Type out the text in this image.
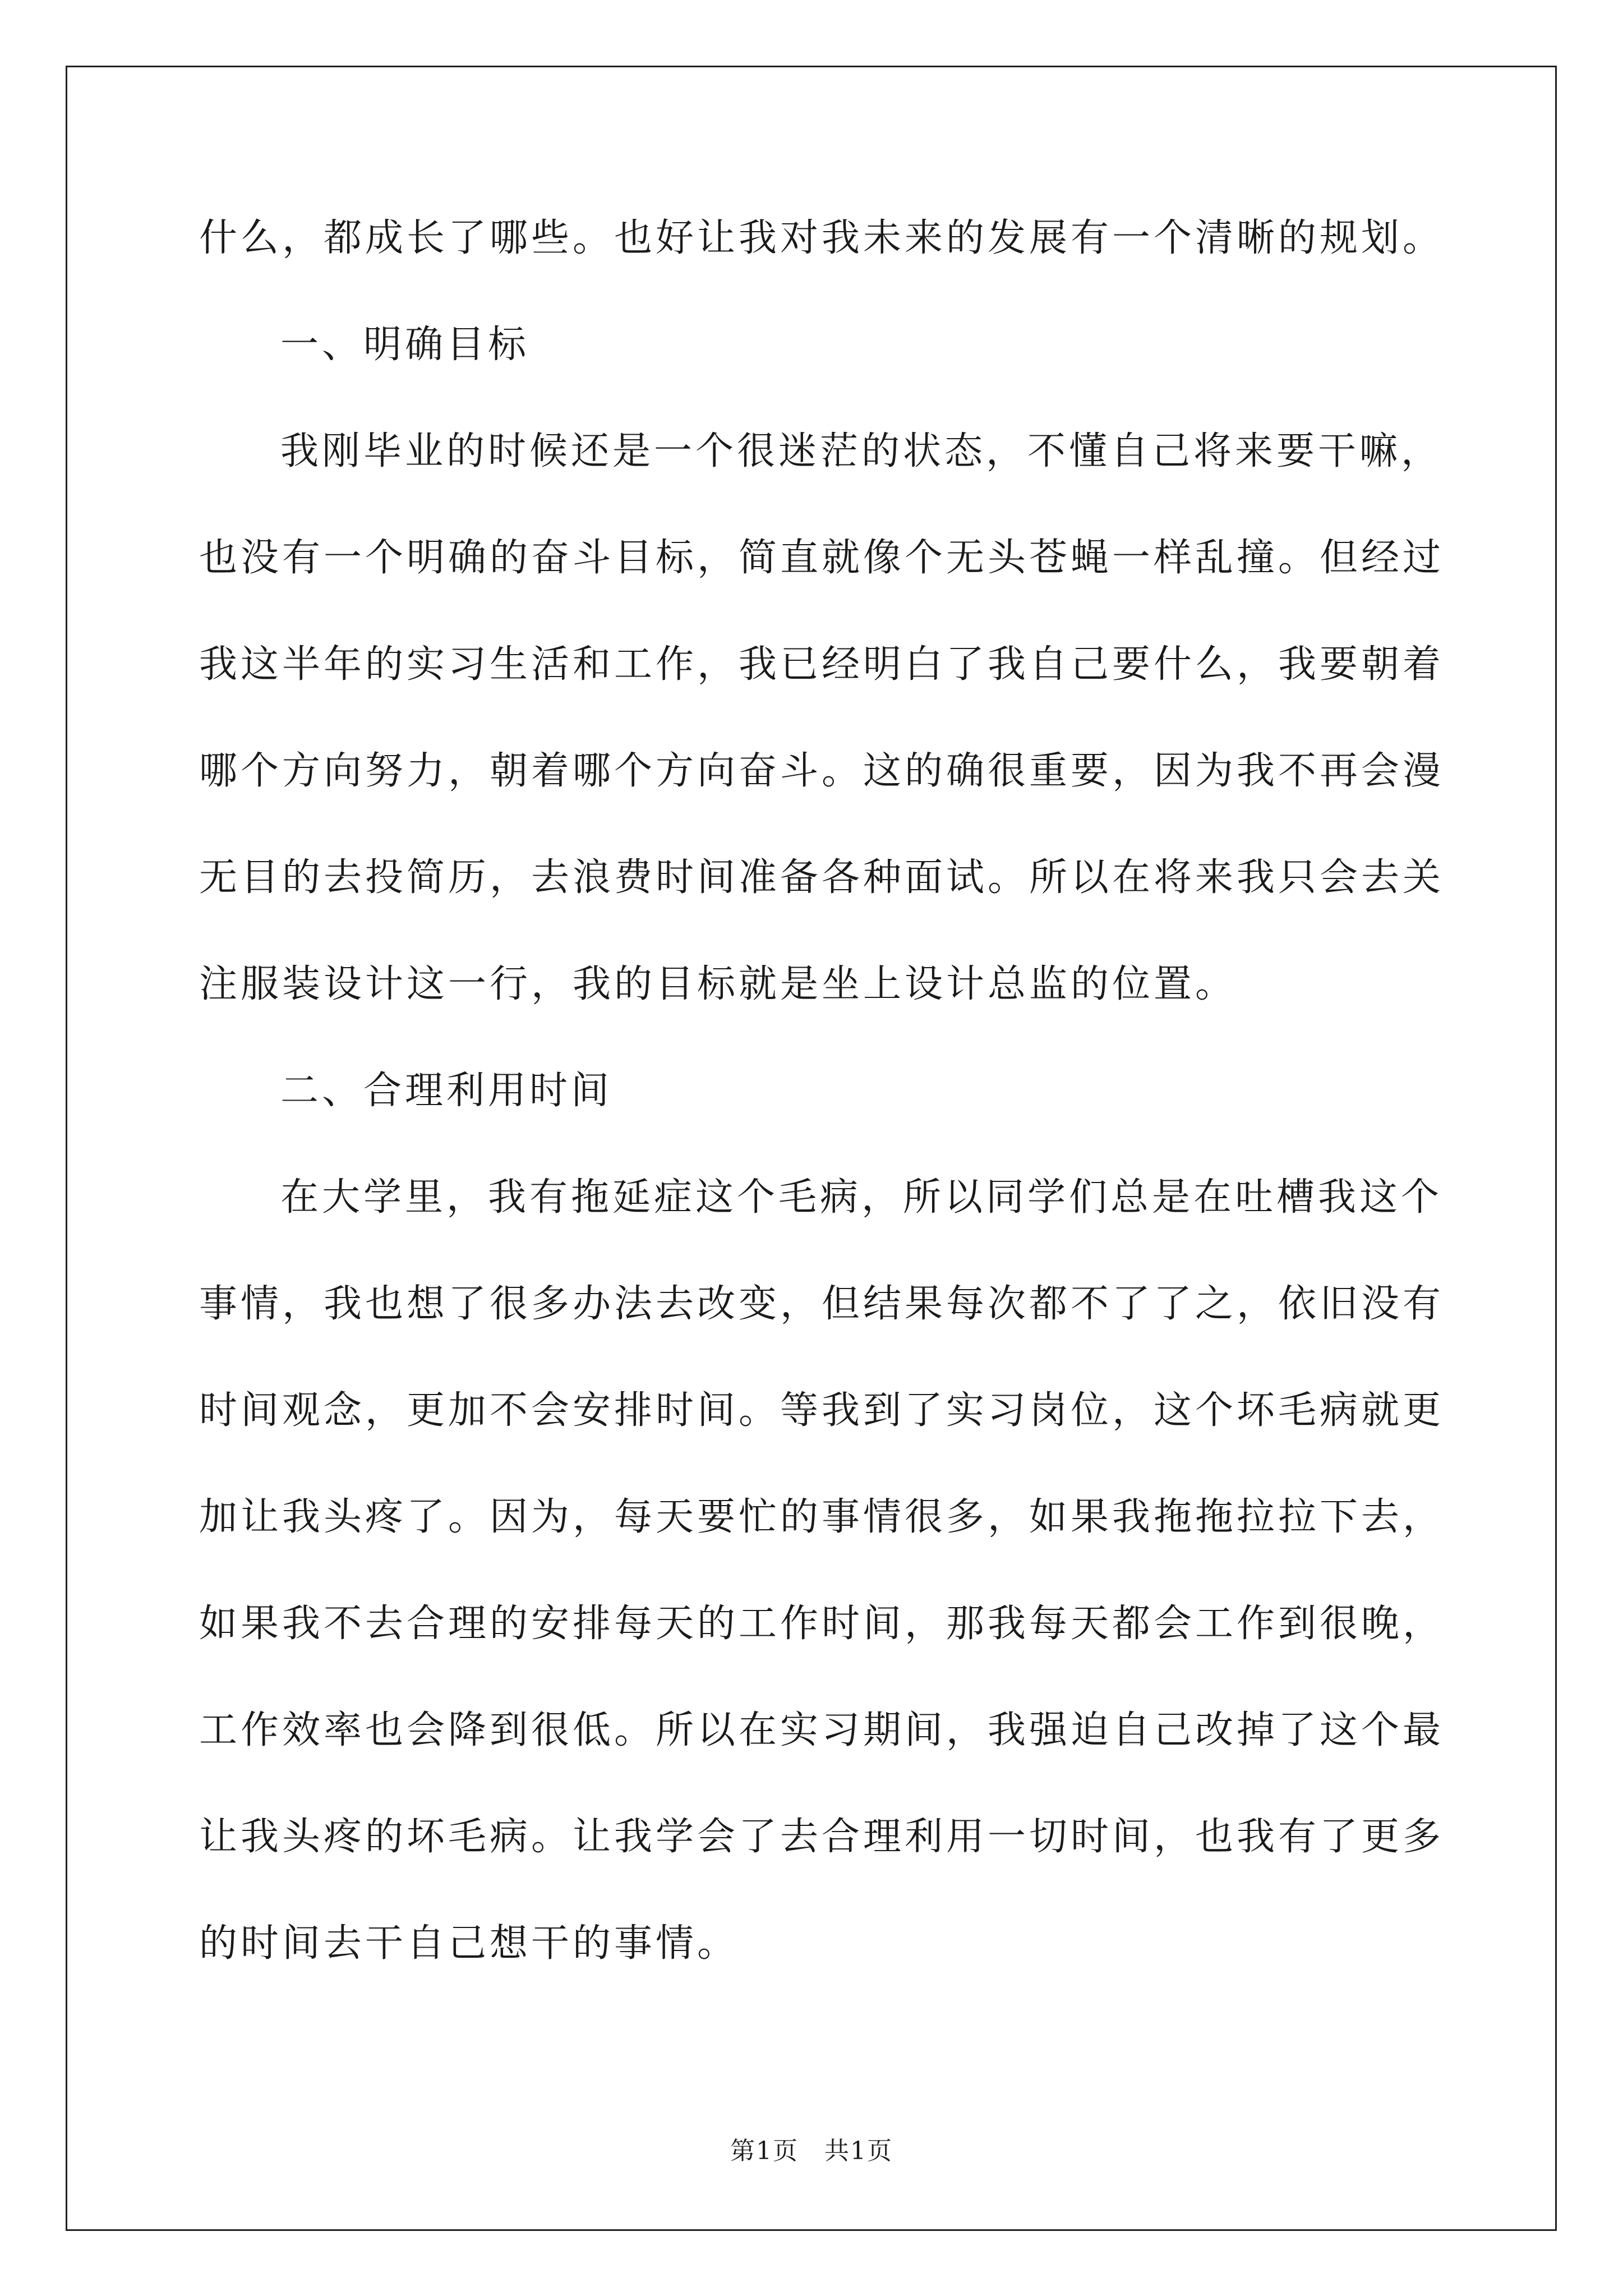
什么，都成长了哪些。也好让我对我未来的发展有一个清晰的规划。
一、明确目标
我刚毕业的时候还是一个很迷茫的状态，不懂自己将来要干嘛，
也没有一个明确的奋斗目标，简直就像个无头苍蝇一样乱撞。但经过
我这半年的实习生活和工作，我已经明白了我自己要什么，我要朝着
哪个方向努力，朝着哪个方向奋斗。这的确很重要，因为我不再会漫
无目的去投简历，去浪费时间准备各种面试。所以在将来我只会去关
注服装设计这一行，我的目标就是坐上设计总监的位置。
二、合理利用时间
在大学里，我有拖延症这个毛病，所以同学们总是在吐槽我这个
事情，我也想了很多办法去改变，但结果每次都不了了之，依旧没有
时间观念，更加不会安排时间。等我到了实习岗位，这个坏毛病就更
加让我头疼了。因为，每天要忙的事情很多，如果我拖拖拉拉下去，
如果我不去合理的安排每天的工作时间，那我每天都会工作到很晚，
工作效率也会降到很低。所以在实习期间，我强迫自己改掉了这个最
让我头疼的坏毛病。让我学会了去合理利用一切时间，也我有了更多
的时间去干自己想干的事情。
第1页　共1页
